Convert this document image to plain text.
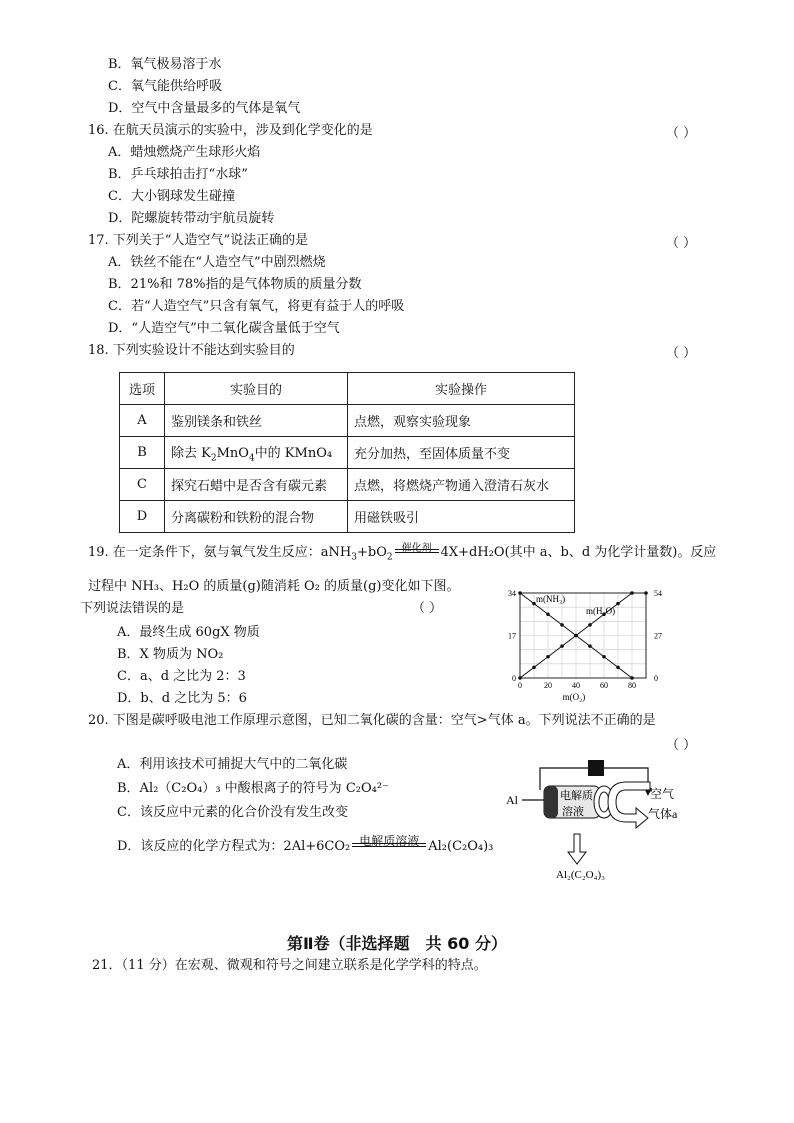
B．氧气极易溶于水
C．氧气能供给呼吸
D．空气中含量最多的气体是氧气
16. 在航天员演示的实验中，涉及到化学变化的是	（ ）
A．蜡烛燃烧产生球形火焰
B．乒乓球拍击打“水球”
C．大小钢球发生碰撞
D．陀螺旋转带动宇航员旋转
17. 下列关于“人造空气”说法正确的是	（ ）
A．铁丝不能在“人造空气”中剧烈燃烧
B．21%和 78%指的是气体物质的质量分数
C．若“人造空气”只含有氧气，将更有益于人的呼吸
D．“人造空气”中二氧化碳含量低于空气
18. 下列实验设计不能达到实验目的	（ ）
选项	实验目的	实验操作
A	鉴别镁条和铁丝	点燃，观察实验现象
B	除去 $K_2MnO_4$中的 KMnO₄	充分加热，至固体质量不变
C	探究石蜡中是否含有碳元素	点燃，将燃烧产物通入澄清石灰水
D	分离碳粉和铁粉的混合物	用磁铁吸引
19. 在一定条件下，氨与氧气发生反应：$aNH_3+bO_2$
催化剂 4X+dH₂O(其中 a、b、d 为化学计量数)。反应
过程中 NH₃、H₂O 的质量(g)随消耗 O₂ 的质量(g)变化如下图。
下列说法错误的是	（ ）
A．最终生成 60gX 物质
B．X 物质为 NO₂
C．a、d 之比为 2：3
D．b、d 之比为 5：6
0	20	40	60	80
0
17
34
0
27
54
m(NH₃)
m(H₂O)
m(O₂)
20. 下图是碳呼吸电池工作原理示意图，已知二氧化碳的含量：空气>气体 a。下列说法不正确的是
（ ）
A．利用该技术可捕捉大气中的二氧化碳
B．Al₂（C₂O₄）₃ 中酸根离子的符号为 C₂O₄²⁻
C．该反应中元素的化合价没有发生改变
D．该反应的化学方程式为：2Al+6CO₂ 电解质溶液 Al₂(C₂O₄)₃
Al	电解质
溶液
空气
气体a
Al₂(C₂O₄)₃
第Ⅱ卷（非选择题　共 60 分）
21．（11 分）在宏观、微观和符号之间建立联系是化学学科的特点。
